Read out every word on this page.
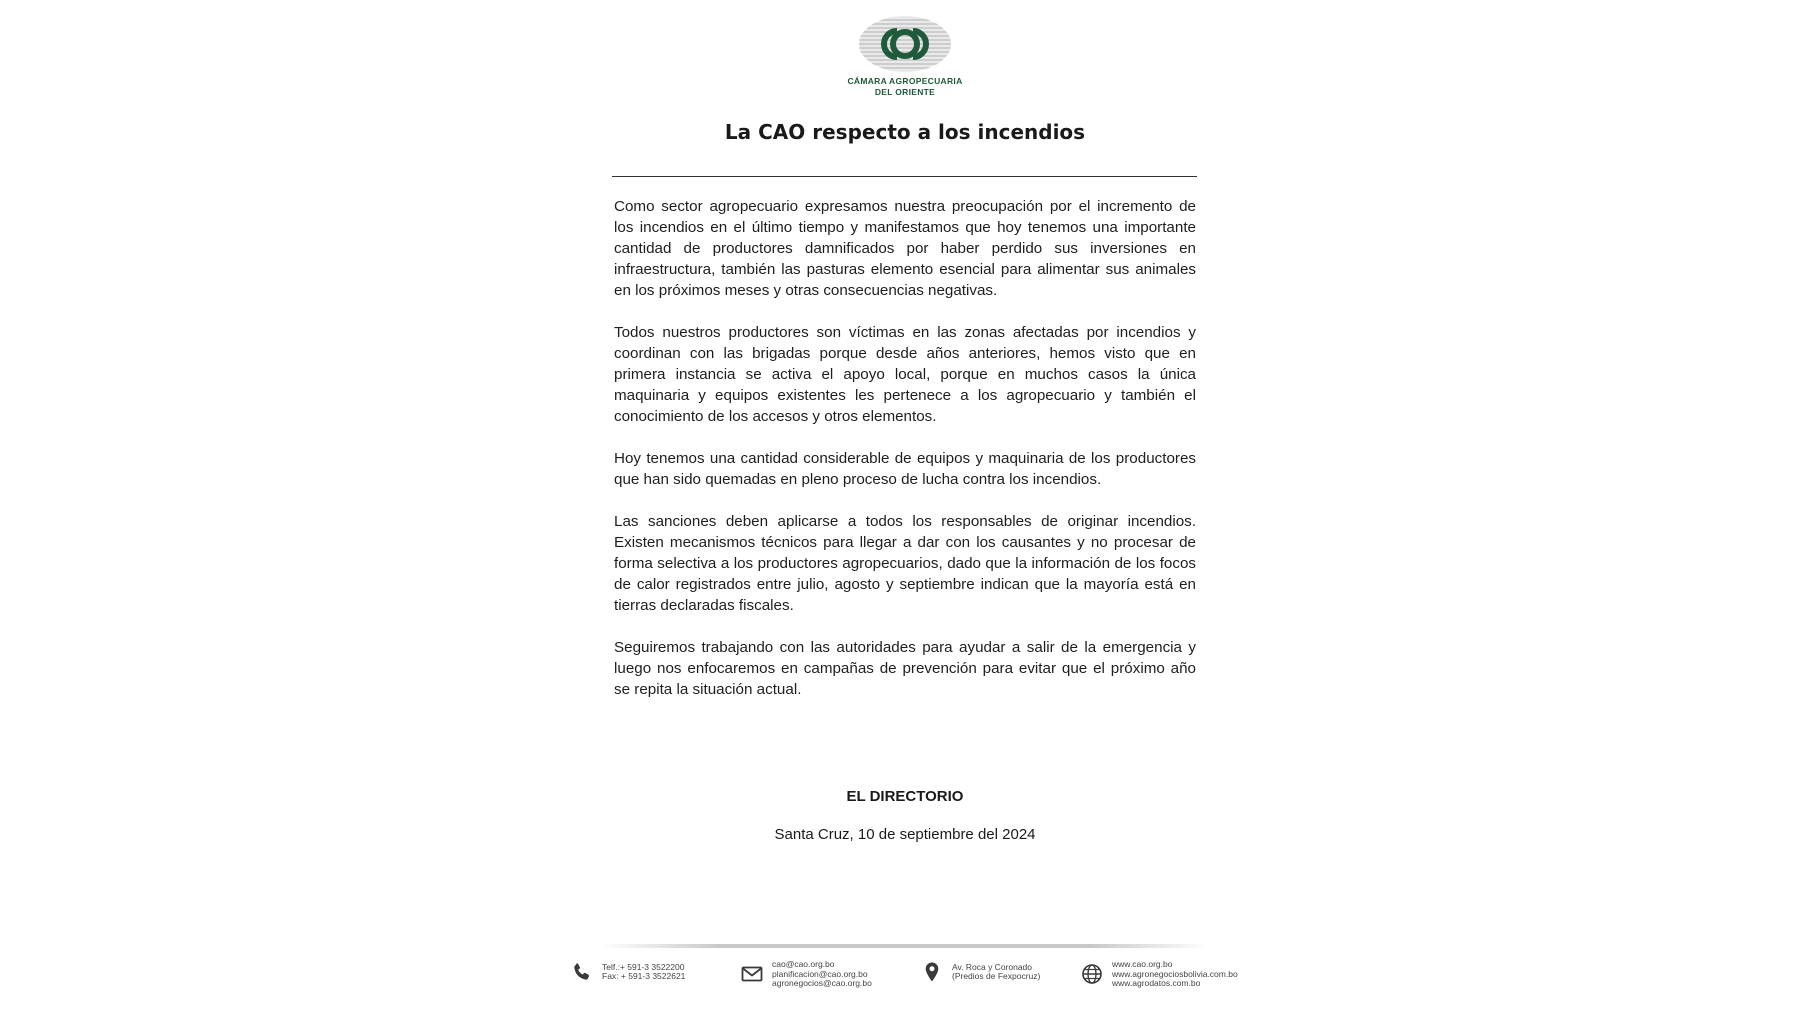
CÁMARA AGROPECUARIA
DEL ORIENTE
La CAO respecto a los incendios

Como sector agropecuario expresamos nuestra preocupación por el incremento de los incendios en el último tiempo y manifestamos que hoy tenemos una importante cantidad de productores damnificados por haber perdido sus inversiones en infraestructura, también las pasturas elemento esencial para alimentar sus animales en los próximos meses y otras consecuencias negativas.

Todos nuestros productores son víctimas en las zonas afectadas por incendios y coordinan con las brigadas porque desde años anteriores, hemos visto que en primera instancia se activa el apoyo local, porque en muchos casos la única maquinaria y equipos existentes les pertenece a los agropecuario y también el conocimiento de los accesos y otros elementos.

Hoy tenemos una cantidad considerable de equipos y maquinaria de los productores que han sido quemadas en pleno proceso de lucha contra los incendios.

Las sanciones deben aplicarse a todos los responsables de originar incendios. Existen mecanismos técnicos para llegar a dar con los causantes y no procesar de forma selectiva a los productores agropecuarios, dado que la información de los focos de calor registrados entre julio, agosto y septiembre indican que la mayoría está en tierras declaradas fiscales.

Seguiremos trabajando con las autoridades para ayudar a salir de la emergencia y luego nos enfocaremos en campañas de prevención para evitar que el próximo año se repita la situación actual.

EL DIRECTORIO
Santa Cruz, 10 de septiembre del 2024
Telf.:+ 591-3 3522200
Fax: + 591-3 3522621
cao@cao.org.bo
planificacion@cao.org.bo
agronegocios@cao.org.bo
Av. Roca y Coronado
(Predios de Fexpocruz)
www.cao.org.bo
www.agronegociosbolivia.com.bo
www.agrodatos.com.bo
